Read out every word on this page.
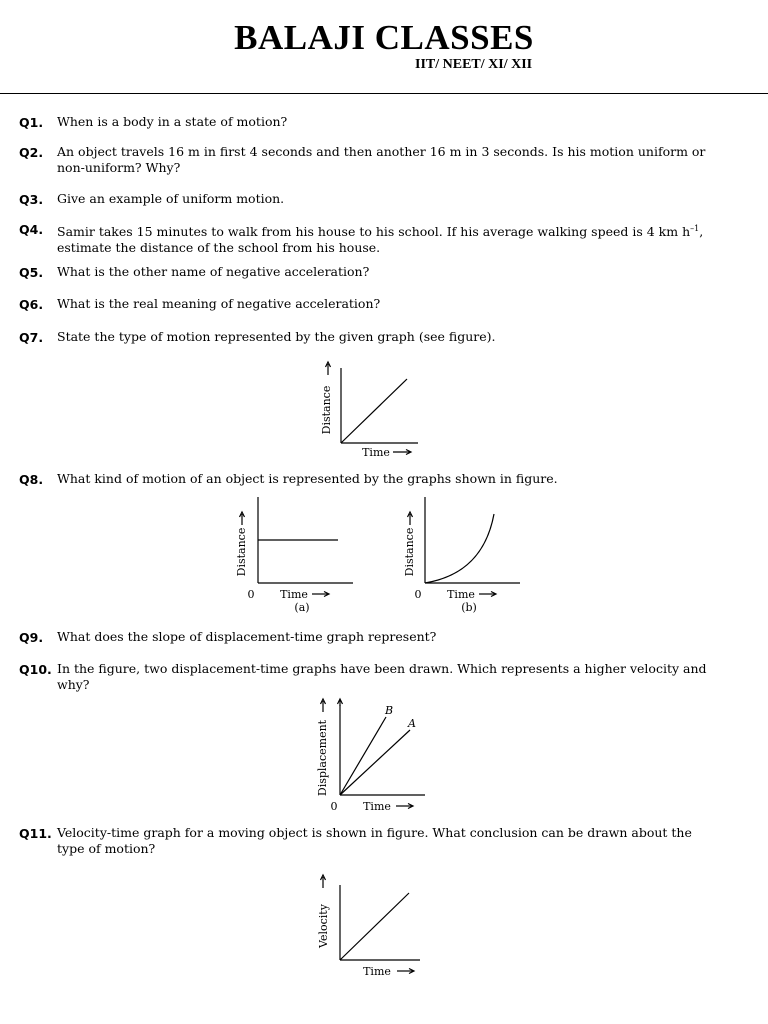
BALAJI CLASSES
IIT/ NEET/ XI/ XII
Q1. When is a body in a state of motion?
Q2. An object travels 16 m in first 4 seconds and then another 16 m in 3 seconds. Is his motion uniform or
non-uniform? Why?
Q3. Give an example of uniform motion.
Q4. Samir takes 15 minutes to walk from his house to his school. If his average walking speed is 4 km $h^{-1}$,
estimate the distance of the school from his house.
Q5. What is the other name of negative acceleration?
Q6. What is the real meaning of negative acceleration?
Q7. State the type of motion represented by the given graph (see figure).
Distance
Time
Q8. What kind of motion of an object is represented by the graphs shown in figure.
Distance
0 Time
(a)
Distance
0 Time
(b)
Q9. What does the slope of displacement-time graph represent?
Q10. In the figure, two displacement-time graphs have been drawn. Which represents a higher velocity and
why?
Displacement
0 Time
B
A
Q11. Velocity-time graph for a moving object is shown in figure. What conclusion can be drawn about the
type of motion?
Velocity
Time
